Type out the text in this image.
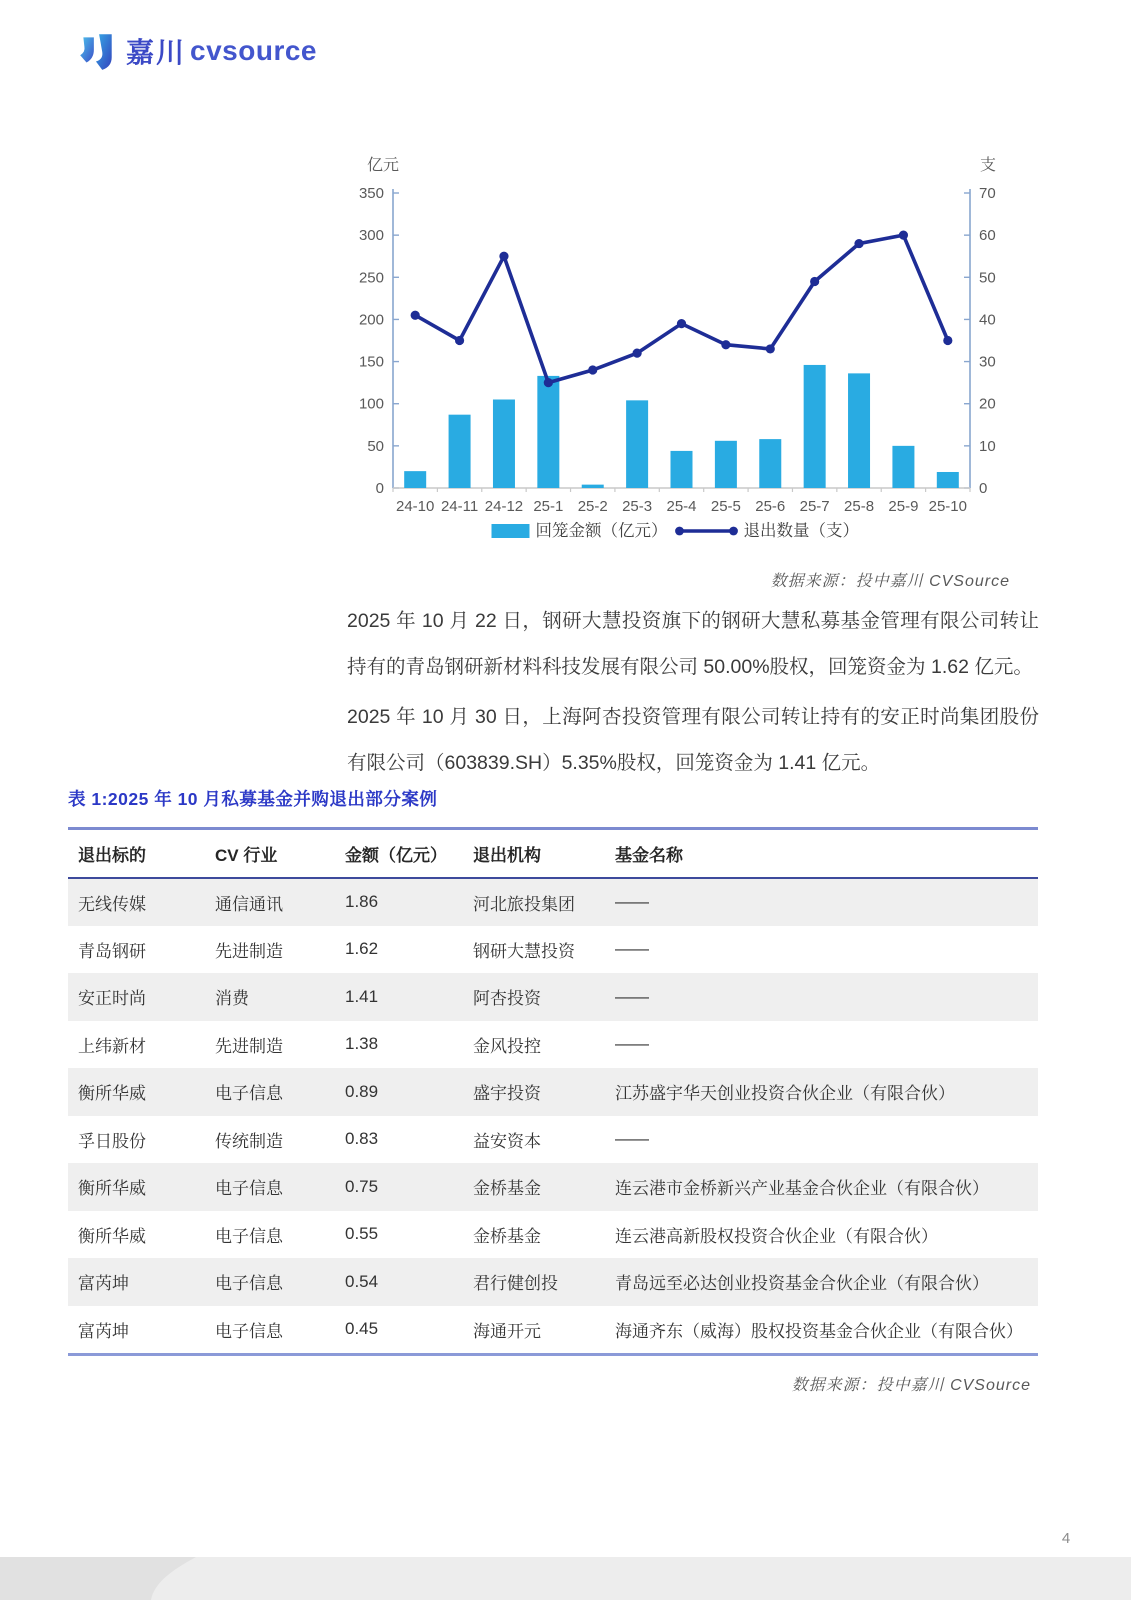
嘉川 cvsource
0
50
100
150
200
250
300
350
亿元
0
10
20
30
40
50
60
70
支
24-10 24-11 24-12 25-1 25-2 25-3 25-4 25-5 25-6 25-7 25-8 25-9 25-10
回笼金额（亿元）	退出数量（支）
数据来源：投中嘉川 CVSource

2025 年 10 月 22 日，钢研大慧投资旗下的钢研大慧私募基金管理有限公司转让持有的青岛钢研新材料科技发展有限公司 50.00%股权，回笼资金为 1.62 亿元。

2025 年 10 月 30 日，上海阿杏投资管理有限公司转让持有的安正时尚集团股份有限公司（603839.SH）5.35%股权，回笼资金为 1.41 亿元。

表 1:2025 年 10 月私募基金并购退出部分案例
退出标的	CV 行业	金额（亿元）	退出机构	基金名称
无线传媒	通信通讯	1.86	河北旅投集团	——
青岛钢研	先进制造	1.62	钢研大慧投资	——
安正时尚	消费	1.41	阿杏投资	——
上纬新材	先进制造	1.38	金风投控	——
衡所华威	电子信息	0.89	盛宇投资	江苏盛宇华天创业投资合伙企业（有限合伙）
孚日股份	传统制造	0.83	益安资本	——
衡所华威	电子信息	0.75	金桥基金	连云港市金桥新兴产业基金合伙企业（有限合伙）
衡所华威	电子信息	0.55	金桥基金	连云港高新股权投资合伙企业（有限合伙）
富芮坤	电子信息	0.54	君行健创投	青岛远至必达创业投资基金合伙企业（有限合伙）
富芮坤	电子信息	0.45	海通开元	海通齐东（威海）股权投资基金合伙企业（有限合伙）
数据来源：投中嘉川 CVSource
4
